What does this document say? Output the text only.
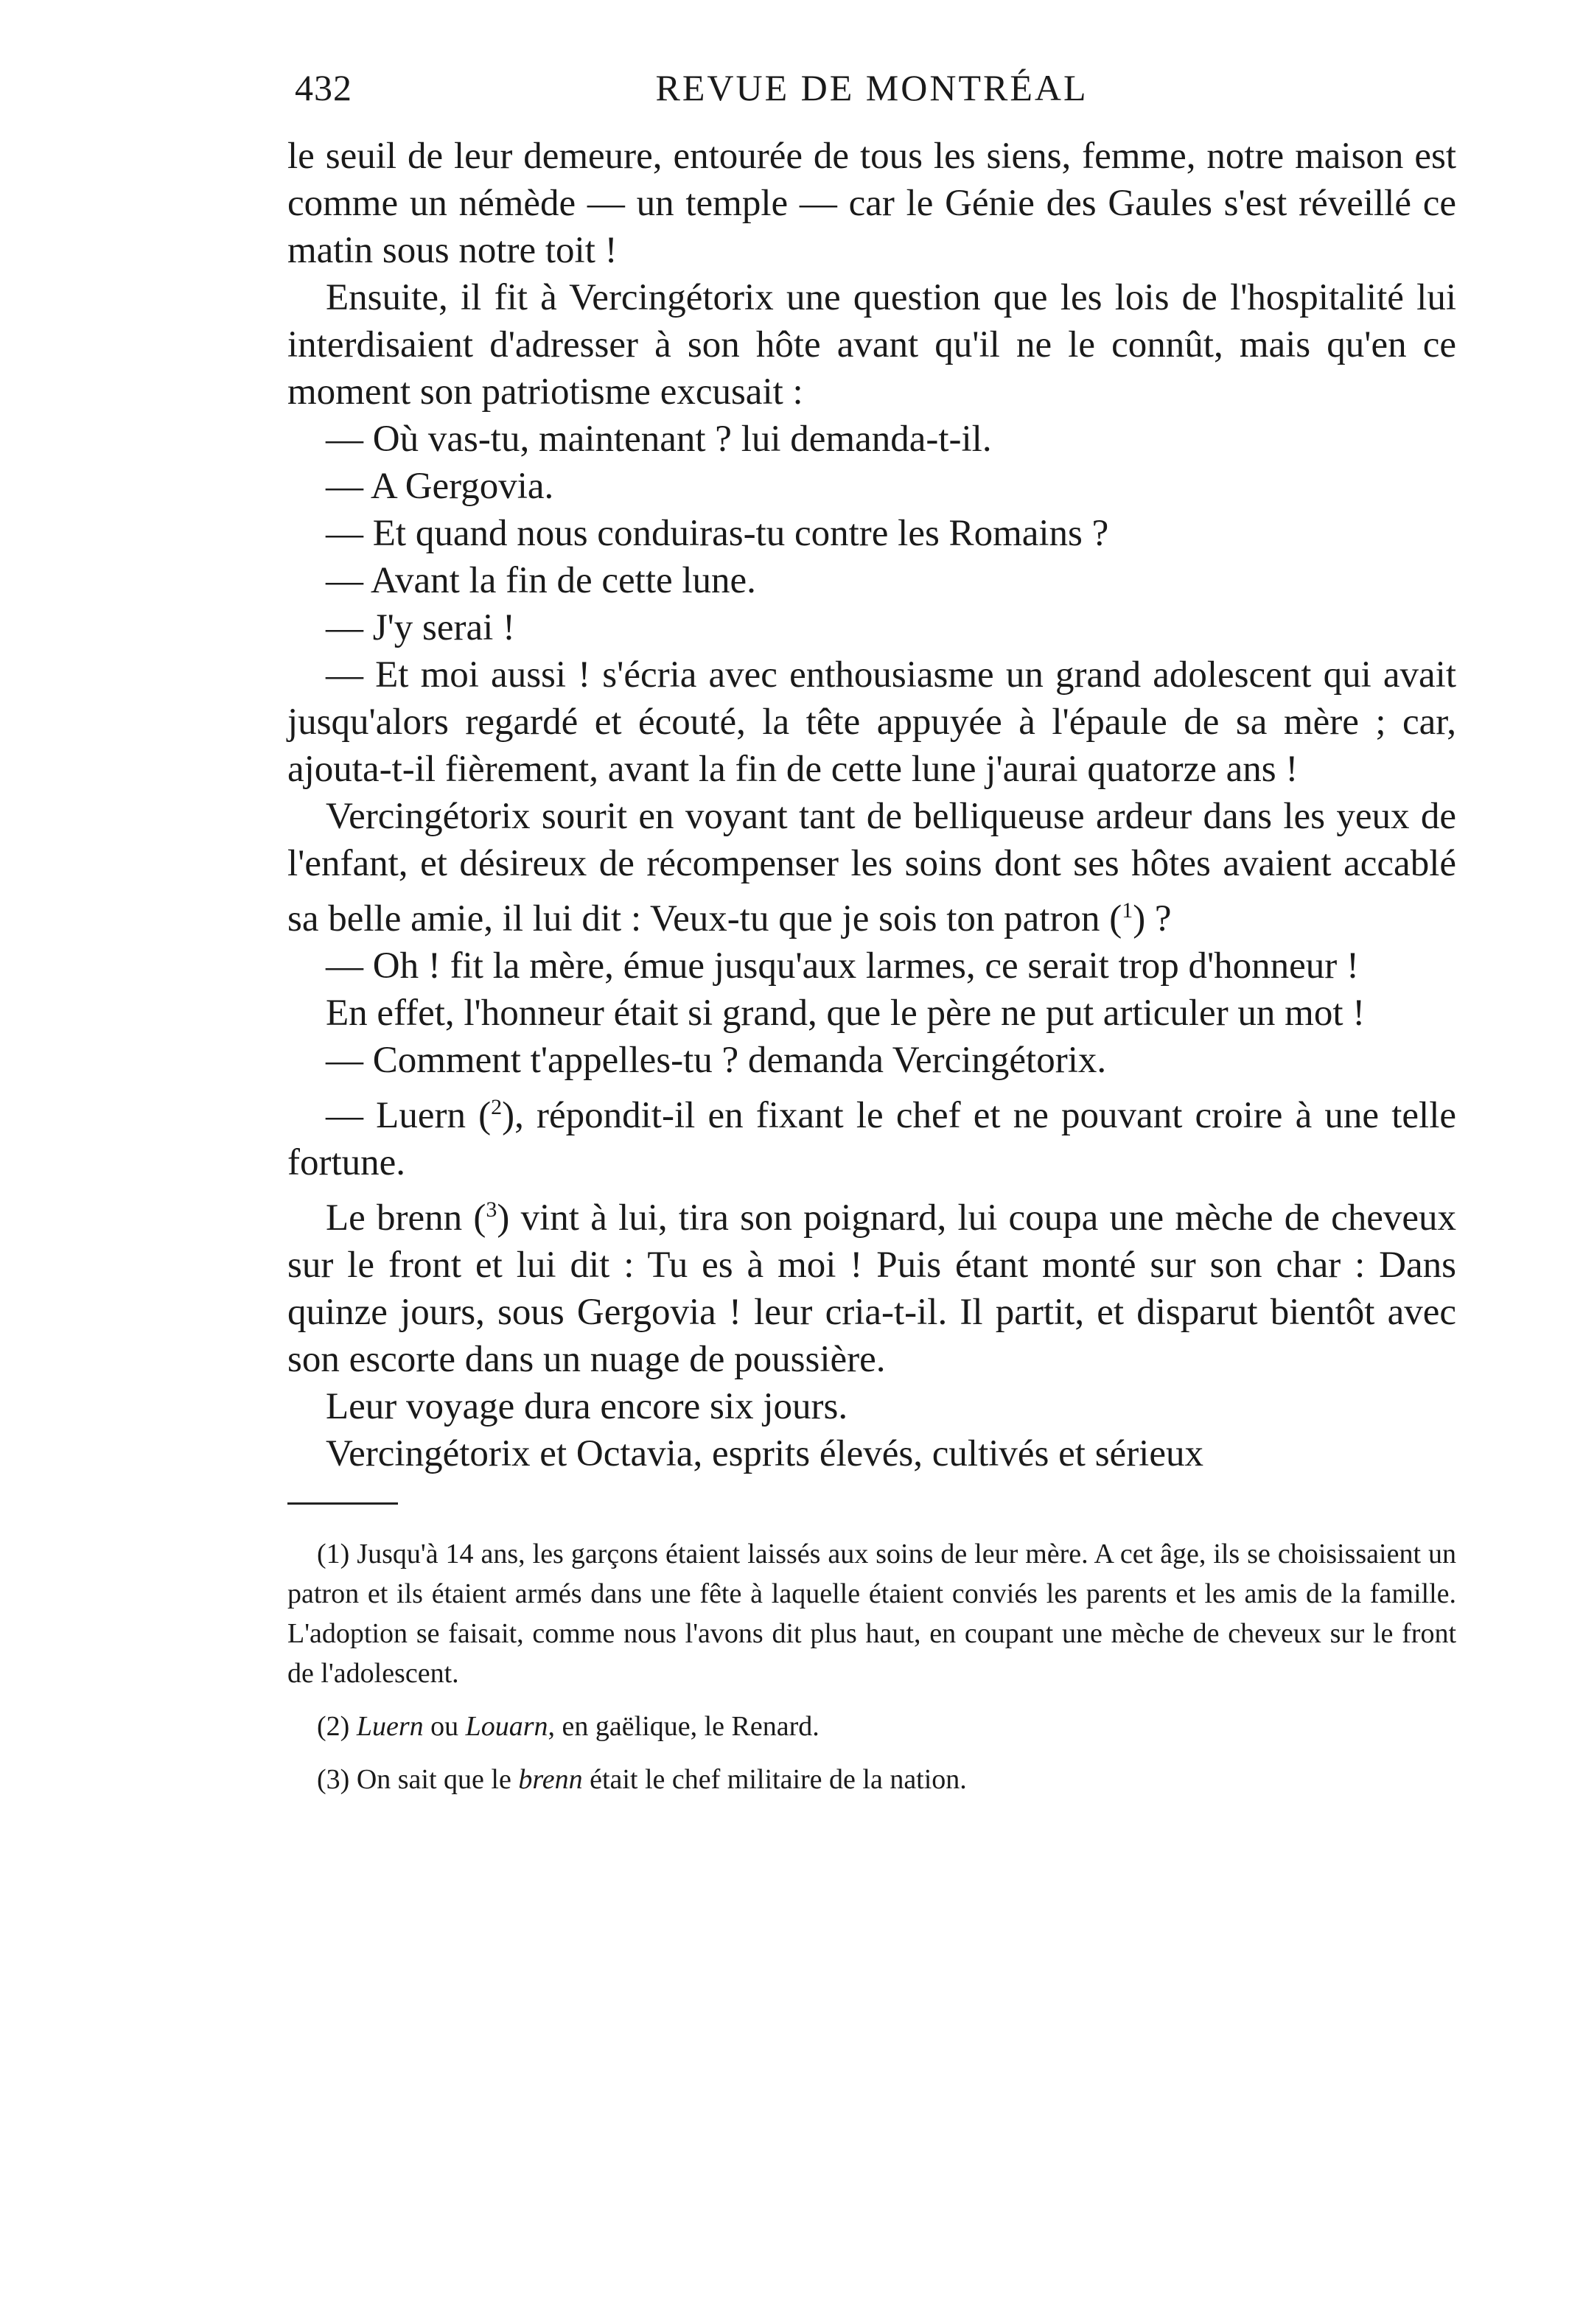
432	REVUE DE MONTRÉAL

le seuil de leur demeure, entourée de tous les siens, femme, notre maison est comme un némède — un temple — car le Génie des Gaules s'est réveillé ce matin sous notre toit !

Ensuite, il fit à Vercingétorix une question que les lois de l'hospitalité lui interdisaient d'adresser à son hôte avant qu'il ne le connût, mais qu'en ce moment son patriotisme excusait :

— Où vas-tu, maintenant ? lui demanda-t-il.

— A Gergovia.

— Et quand nous conduiras-tu contre les Romains ?

— Avant la fin de cette lune.

— J'y serai !

— Et moi aussi ! s'écria avec enthousiasme un grand adolescent qui avait jusqu'alors regardé et écouté, la tête appuyée à l'épaule de sa mère ; car, ajouta-t-il fièrement, avant la fin de cette lune j'aurai quatorze ans !

Vercingétorix sourit en voyant tant de belliqueuse ardeur dans les yeux de l'enfant, et désireux de récompenser les soins dont ses hôtes avaient accablé sa belle amie, il lui dit : Veux-tu que je sois ton patron ($^1$) ?

— Oh ! fit la mère, émue jusqu'aux larmes, ce serait trop d'honneur !

En effet, l'honneur était si grand, que le père ne put articuler un mot !

— Comment t'appelles-tu ? demanda Vercingétorix.

— Luern ($^2$), répondit-il en fixant le chef et ne pouvant croire à une telle fortune.

Le brenn ($^3$) vint à lui, tira son poignard, lui coupa une mèche de cheveux sur le front et lui dit : Tu es à moi ! Puis étant monté sur son char : Dans quinze jours, sous Gergovia ! leur cria-t-il. Il partit, et disparut bientôt avec son escorte dans un nuage de poussière.

Leur voyage dura encore six jours.

Vercingétorix et Octavia, esprits élevés, cultivés et sérieux

(1) Jusqu'à 14 ans, les garçons étaient laissés aux soins de leur mère. A cet âge, ils se choisissaient un patron et ils étaient armés dans une fête à laquelle étaient conviés les parents et les amis de la famille. L'adoption se faisait, comme nous l'avons dit plus haut, en coupant une mèche de cheveux sur le front de l'adolescent.

(2) Luern ou Louarn, en gaëlique, le Renard.

(3) On sait que le brenn était le chef militaire de la nation.
